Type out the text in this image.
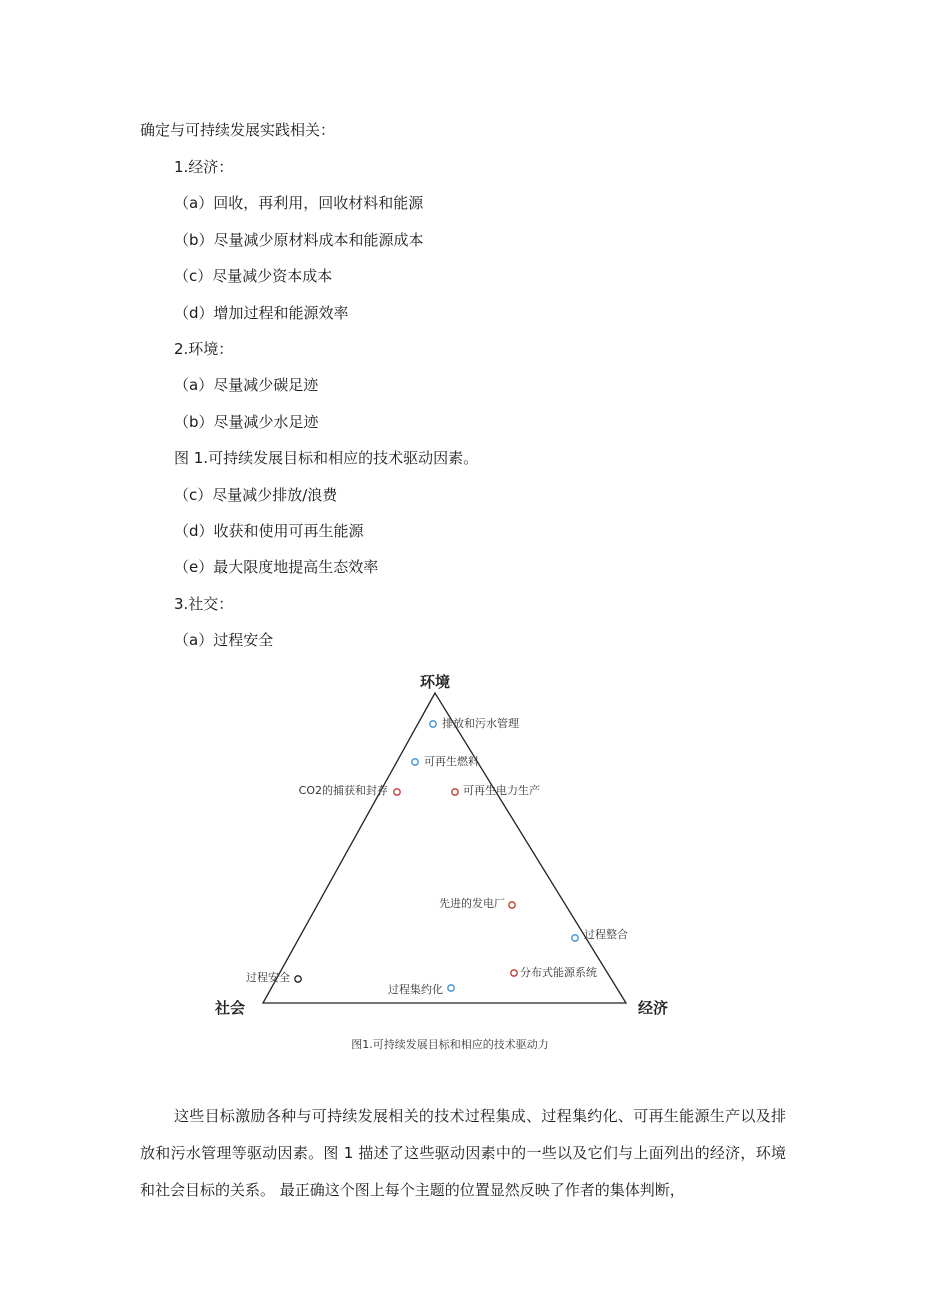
确定与可持续发展实践相关：

1.经济：
（a）回收，再利用，回收材料和能源
（b）尽量减少原材料成本和能源成本
（c）尽量减少资本成本
（d）增加过程和能源效率
2.环境：
（a）尽量减少碳足迹
（b）尽量减少水足迹
图 1.可持续发展目标和相应的技术驱动因素。
（c）尽量减少排放/浪费
（d）收获和使用可再生能源
（e）最大限度地提高生态效率
3.社交：
（a）过程安全
环境
社会	经济
排放和污水管理
可再生燃料
CO2的捕获和封存	可再生电力生产
先进的发电厂
过程整合
分布式能源系统
过程安全
过程集约化
图1.可持续发展目标和相应的技术驱动力

这些目标激励各种与可持续发展相关的技术过程集成、过程集约化、可再生能源生产以及排放和污水管理等驱动因素。图 1 描述了这些驱动因素中的一些以及它们与上面列出的经济，环境和社会目标的关系。 最正确这个图上每个主题的位置显然反映了作者的集体判断，
